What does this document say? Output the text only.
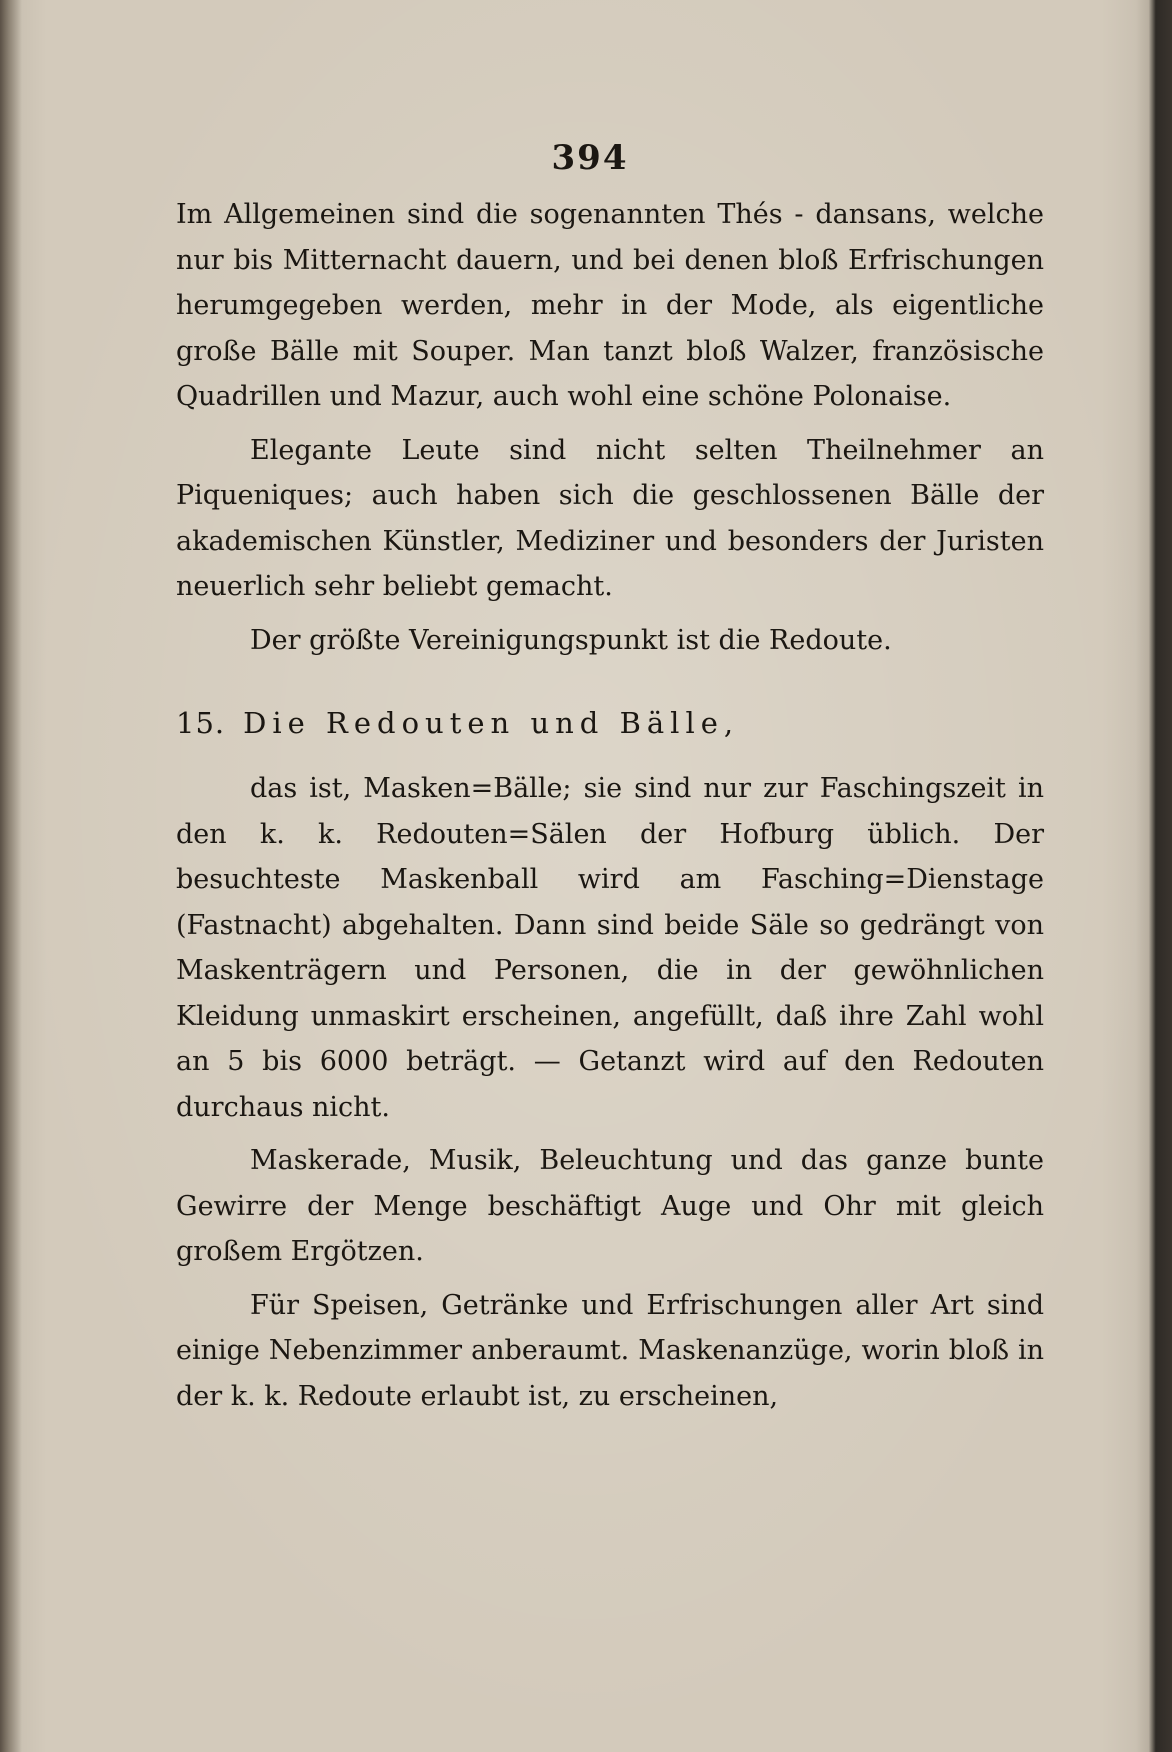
394

Im Allgemeinen sind die sogenannten Thés - dansans, welche nur bis Mitternacht dauern, und bei denen bloß Erfrischungen herumgegeben werden, mehr in der Mode, als eigentliche große Bälle mit Souper. Man tanzt bloß Walzer, französische Quadrillen und Mazur, auch wohl eine schöne Polonaise.

Elegante Leute sind nicht selten Theilnehmer an Piqueniques; auch haben sich die geschlossenen Bälle der akademischen Künstler, Mediziner und besonders der Juristen neuerlich sehr beliebt gemacht.

Der größte Vereinigungspunkt ist die Redoute.

15. Die Redouten und Bälle,

das ist, Masken=Bälle; sie sind nur zur Faschingszeit in den k. k. Redouten=Sälen der Hofburg üblich. Der besuchteste Maskenball wird am Fasching=Dienstage (Fastnacht) abgehalten. Dann sind beide Säle so gedrängt von Maskenträgern und Personen, die in der gewöhnlichen Kleidung unmaskirt erscheinen, angefüllt, daß ihre Zahl wohl an 5 bis 6000 beträgt. — Getanzt wird auf den Redouten durchaus nicht.

Maskerade, Musik, Beleuchtung und das ganze bunte Gewirre der Menge beschäftigt Auge und Ohr mit gleich großem Ergötzen.

Für Speisen, Getränke und Erfrischungen aller Art sind einige Nebenzimmer anberaumt. Maskenanzüge, worin bloß in der k. k. Redoute erlaubt ist, zu erscheinen,
